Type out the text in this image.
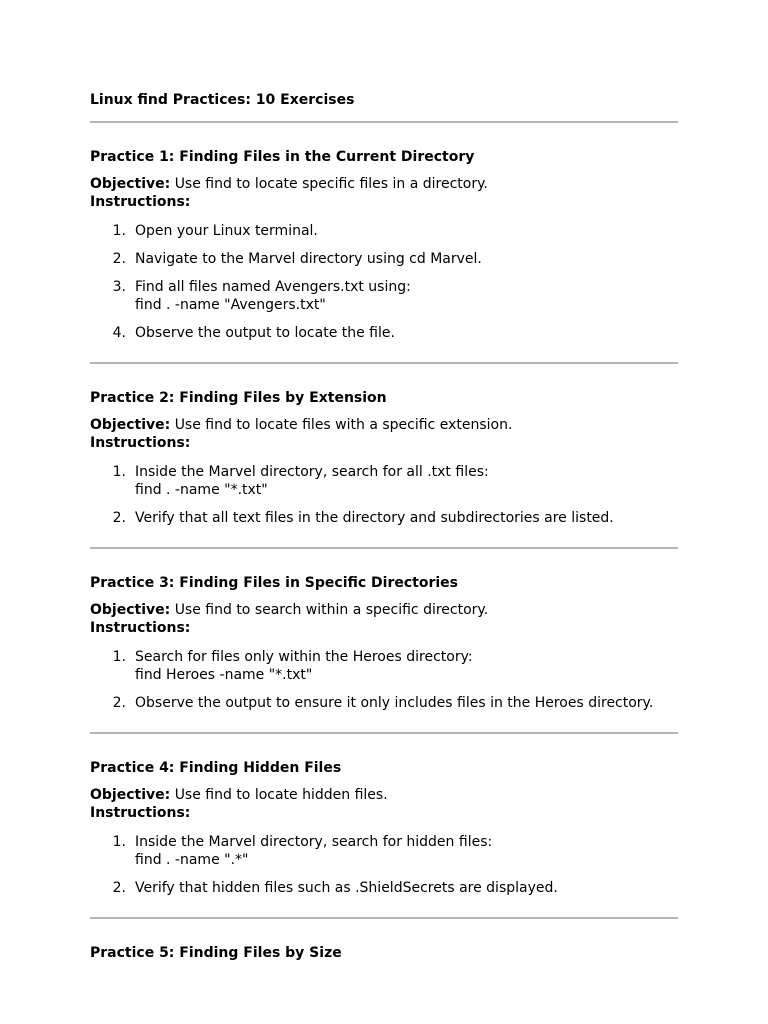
Linux find Practices: 10 Exercises

Practice 1: Finding Files in the Current Directory

Objective: Use find to locate specific files in a directory.

Instructions:

1. Open your Linux terminal.
2. Navigate to the Marvel directory using cd Marvel.
3. Find all files named Avengers.txt using:
find . -name "Avengers.txt"
4. Observe the output to locate the file.

Practice 2: Finding Files by Extension

Objective: Use find to locate files with a specific extension.

Instructions:

1. Inside the Marvel directory, search for all .txt files:
find . -name "*.txt"
2. Verify that all text files in the directory and subdirectories are listed.

Practice 3: Finding Files in Specific Directories

Objective: Use find to search within a specific directory.

Instructions:

1. Search for files only within the Heroes directory:
find Heroes -name "*.txt"
2. Observe the output to ensure it only includes files in the Heroes directory.

Practice 4: Finding Hidden Files

Objective: Use find to locate hidden files.

Instructions:

1. Inside the Marvel directory, search for hidden files:
find . -name ".*"
2. Verify that hidden files such as .ShieldSecrets are displayed.

Practice 5: Finding Files by Size
